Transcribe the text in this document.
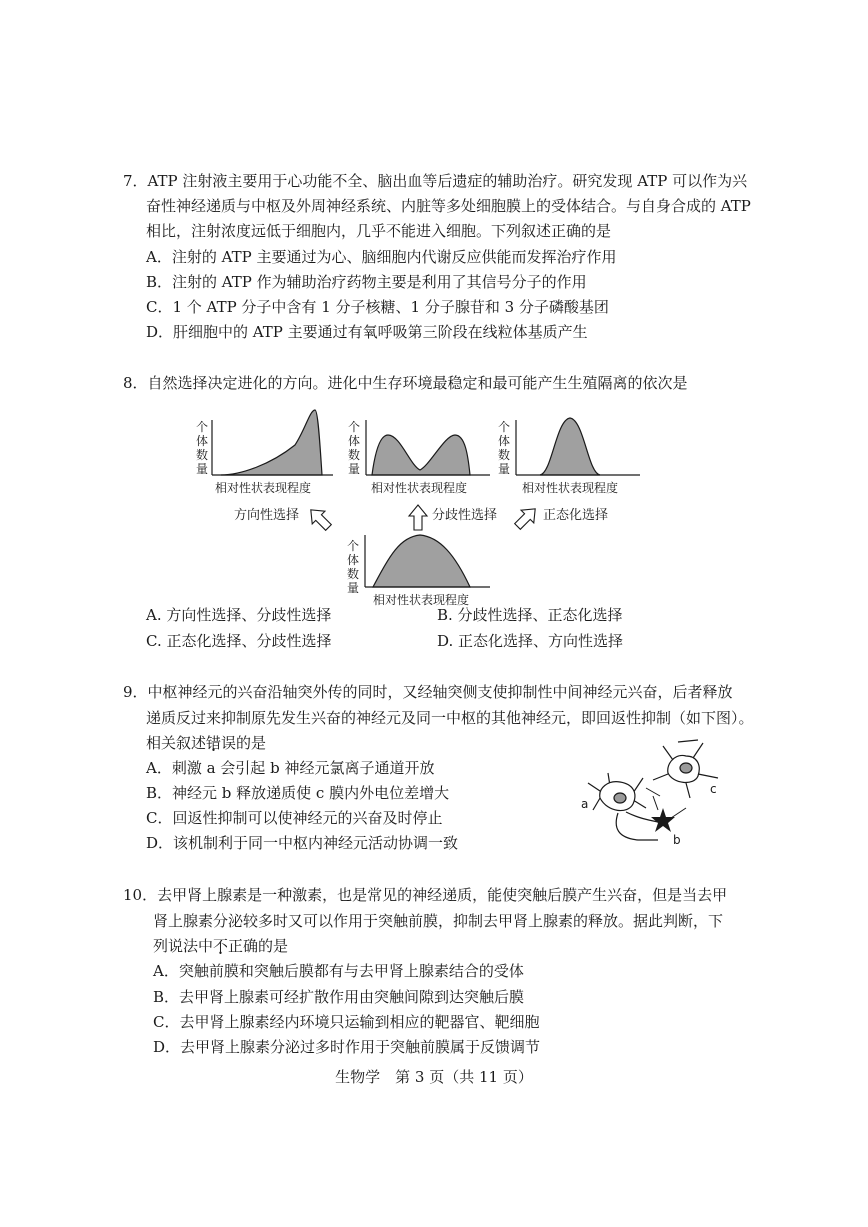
7．ATP 注射液主要用于心功能不全、脑出血等后遗症的辅助治疗。研究发现 ATP 可以作为兴
奋性神经递质与中枢及外周神经系统、内脏等多处细胞膜上的受体结合。与自身合成的 ATP
相比，注射浓度远低于细胞内，几乎不能进入细胞。下列叙述正确的是
A．注射的 ATP 主要通过为心、脑细胞内代谢反应供能而发挥治疗作用
B．注射的 ATP 作为辅助治疗药物主要是利用了其信号分子的作用
C．1 个 ATP 分子中含有 1 分子核糖、1 分子腺苷和 3 分子磷酸基团
D．肝细胞中的 ATP 主要通过有氧呼吸第三阶段在线粒体基质产生
8．自然选择决定进化的方向。进化中生存环境最稳定和最可能产生生殖隔离的依次是
个
体
数
量
相对性状表现程度
个
体
数
量
相对性状表现程度
个
体
数
量
相对性状表现程度
方向性选择	分歧性选择	正态化选择
个
体
数
量
相对性状表现程度
A. 方向性选择、分歧性选择	B. 分歧性选择、正态化选择
C. 正态化选择、分歧性选择	D. 正态化选择、方向性选择
9．中枢神经元的兴奋沿轴突外传的同时，又经轴突侧支使抑制性中间神经元兴奋，后者释放
递质反过来抑制原先发生兴奋的神经元及同一中枢的其他神经元，即回返性抑制（如下图）。
相关叙述错误的是
A．刺激 a 会引起 b 神经元氯离子通道开放
B．神经元 b 释放递质使 c 膜内外电位差增大
C．回返性抑制可以使神经元的兴奋及时停止
D．该机制利于同一中枢内神经元活动协调一致
a
b
c
10．去甲肾上腺素是一种激素，也是常见的神经递质，能使突触后膜产生兴奋，但是当去甲
肾上腺素分泌较多时又可以作用于突触前膜，抑制去甲肾上腺素的释放。据此判断，下
列说法中不正确的是
A．突触前膜和突触后膜都有与去甲肾上腺素结合的受体
B．去甲肾上腺素可经扩散作用由突触间隙到达突触后膜
C．去甲肾上腺素经内环境只运输到相应的靶器官、靶细胞
D．去甲肾上腺素分泌过多时作用于突触前膜属于反馈调节
生物学　第 3 页（共 11 页）
